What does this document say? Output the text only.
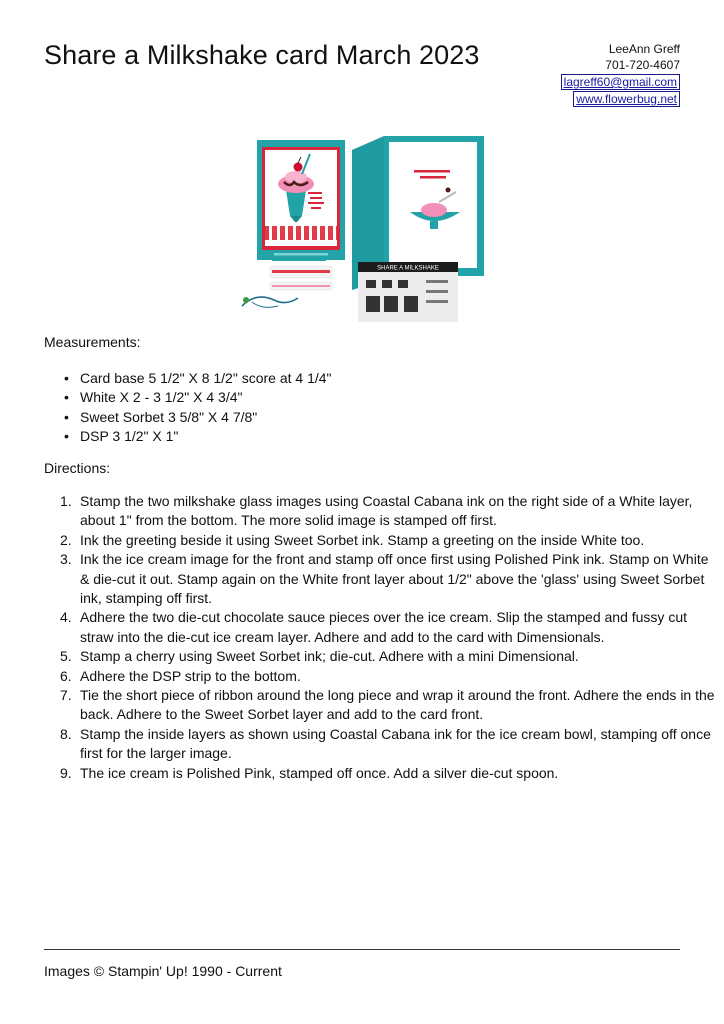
Share a Milkshake card March 2023	LeeAnn Greff
701-720-4607
lagreff60@gmail.com
www.flowerbug.net
SHARE A MILKSHAKE
Measurements:
• Card base 5 1/2" X 8 1/2" score at 4 1/4"
• White X 2 - 3 1/2" X 4 3/4"
• Sweet Sorbet 3 5/8" X 4 7/8"
• DSP 3 1/2" X 1"
Directions:
1. Stamp the two milkshake glass images using Coastal Cabana ink on the right side of a White layer, about 1" from the bottom. The more solid image is stamped off first.
2. Ink the greeting beside it using Sweet Sorbet ink. Stamp a greeting on the inside White too.
3. Ink the ice cream image for the front and stamp off once first using Polished Pink ink. Stamp on White & die-cut it out. Stamp again on the White front layer about 1/2" above the 'glass' using Sweet Sorbet ink, stamping off first.
4. Adhere the two die-cut chocolate sauce pieces over the ice cream. Slip the stamped and fussy cut straw into the die-cut ice cream layer. Adhere and add to the card with Dimensionals.
5. Stamp a cherry using Sweet Sorbet ink; die-cut. Adhere with a mini Dimensional.
6. Adhere the DSP strip to the bottom.
7. Tie the short piece of ribbon around the long piece and wrap it around the front. Adhere the ends in the back. Adhere to the Sweet Sorbet layer and add to the card front.
8. Stamp the inside layers as shown using Coastal Cabana ink for the ice cream bowl, stamping off once first for the larger image.
9. The ice cream is Polished Pink, stamped off once. Add a silver die-cut spoon.
Images © Stampin' Up! 1990 - Current
